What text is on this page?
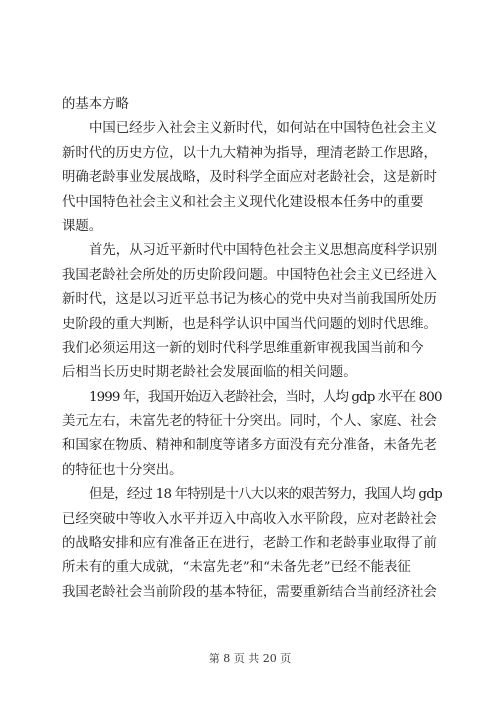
的基本方略
中国已经步入社会主义新时代，如何站在中国特色社会主义
新时代的历史方位，以十九大精神为指导，理清老龄工作思路，
明确老龄事业发展战略，及时科学全面应对老龄社会，这是新时
代中国特色社会主义和社会主义现代化建设根本任务中的重要
课题。
首先，从习近平新时代中国特色社会主义思想高度科学识别
我国老龄社会所处的历史阶段问题。中国特色社会主义已经进入
新时代，这是以习近平总书记为核心的党中央对当前我国所处历
史阶段的重大判断，也是科学认识中国当代问题的划时代思维。
我们必须运用这一新的划时代科学思维重新审视我国当前和今
后相当长历史时期老龄社会发展面临的相关问题。
1999 年，我国开始迈入老龄社会，当时，人均 gdp 水平在 800
美元左右，未富先老的特征十分突出。同时，个人、家庭、社会
和国家在物质、精神和制度等诸多方面没有充分准备，未备先老
的特征也十分突出。
但是，经过 18 年特别是十八大以来的艰苦努力，我国人均 gdp
已经突破中等收入水平并迈入中高收入水平阶段，应对老龄社会
的战略安排和应有准备正在进行，老龄工作和老龄事业取得了前
所未有的重大成就，“未富先老”和“未备先老”已经不能表征
我国老龄社会当前阶段的基本特征，需要重新结合当前经济社会
第 8 页 共 20 页
